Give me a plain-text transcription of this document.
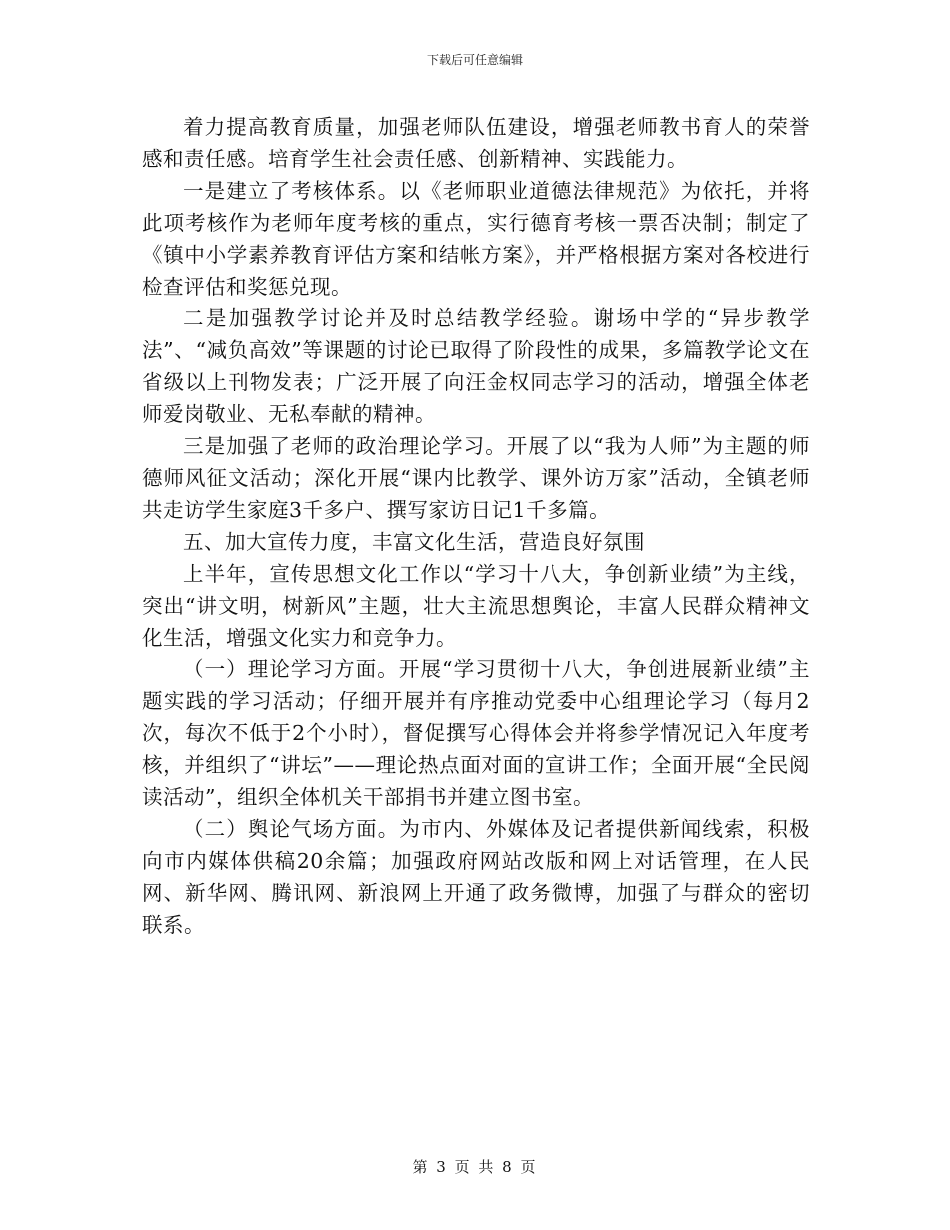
下载后可任意编辑

着力提高教育质量，加强老师队伍建设，增强老师教书育人的荣誉感和责任感。培育学生社会责任感、创新精神、实践能力。

一是建立了考核体系。以《老师职业道德法律规范》为依托，并将此项考核作为老师年度考核的重点，实行德育考核一票否决制；制定了《镇中小学素养教育评估方案和结帐方案》，并严格根据方案对各校进行检查评估和奖惩兑现。

二是加强教学讨论并及时总结教学经验。谢场中学的“异步教学法”、“减负高效”等课题的讨论已取得了阶段性的成果，多篇教学论文在省级以上刊物发表；广泛开展了向汪金权同志学习的活动，增强全体老师爱岗敬业、无私奉献的精神。

三是加强了老师的政治理论学习。开展了以“我为人师”为主题的师德师风征文活动；深化开展“课内比教学、课外访万家”活动，全镇老师共走访学生家庭3千多户、撰写家访日记1千多篇。

五、加大宣传力度，丰富文化生活，营造良好氛围

上半年，宣传思想文化工作以“学习十八大，争创新业绩”为主线，突出“讲文明，树新风”主题，壮大主流思想舆论，丰富人民群众精神文化生活，增强文化实力和竞争力。

（一）理论学习方面。开展“学习贯彻十八大，争创进展新业绩”主题实践的学习活动；仔细开展并有序推动党委中心组理论学习（每月2次，每次不低于2个小时），督促撰写心得体会并将参学情况记入年度考核，并组织了“讲坛”——理论热点面对面的宣讲工作；全面开展“全民阅读活动”，组织全体机关干部捐书并建立图书室。

（二）舆论气场方面。为市内、外媒体及记者提供新闻线索，积极向市内媒体供稿20余篇；加强政府网站改版和网上对话管理，在人民网、新华网、腾讯网、新浪网上开通了政务微博，加强了与群众的密切联系。

第 3 页 共 8 页
